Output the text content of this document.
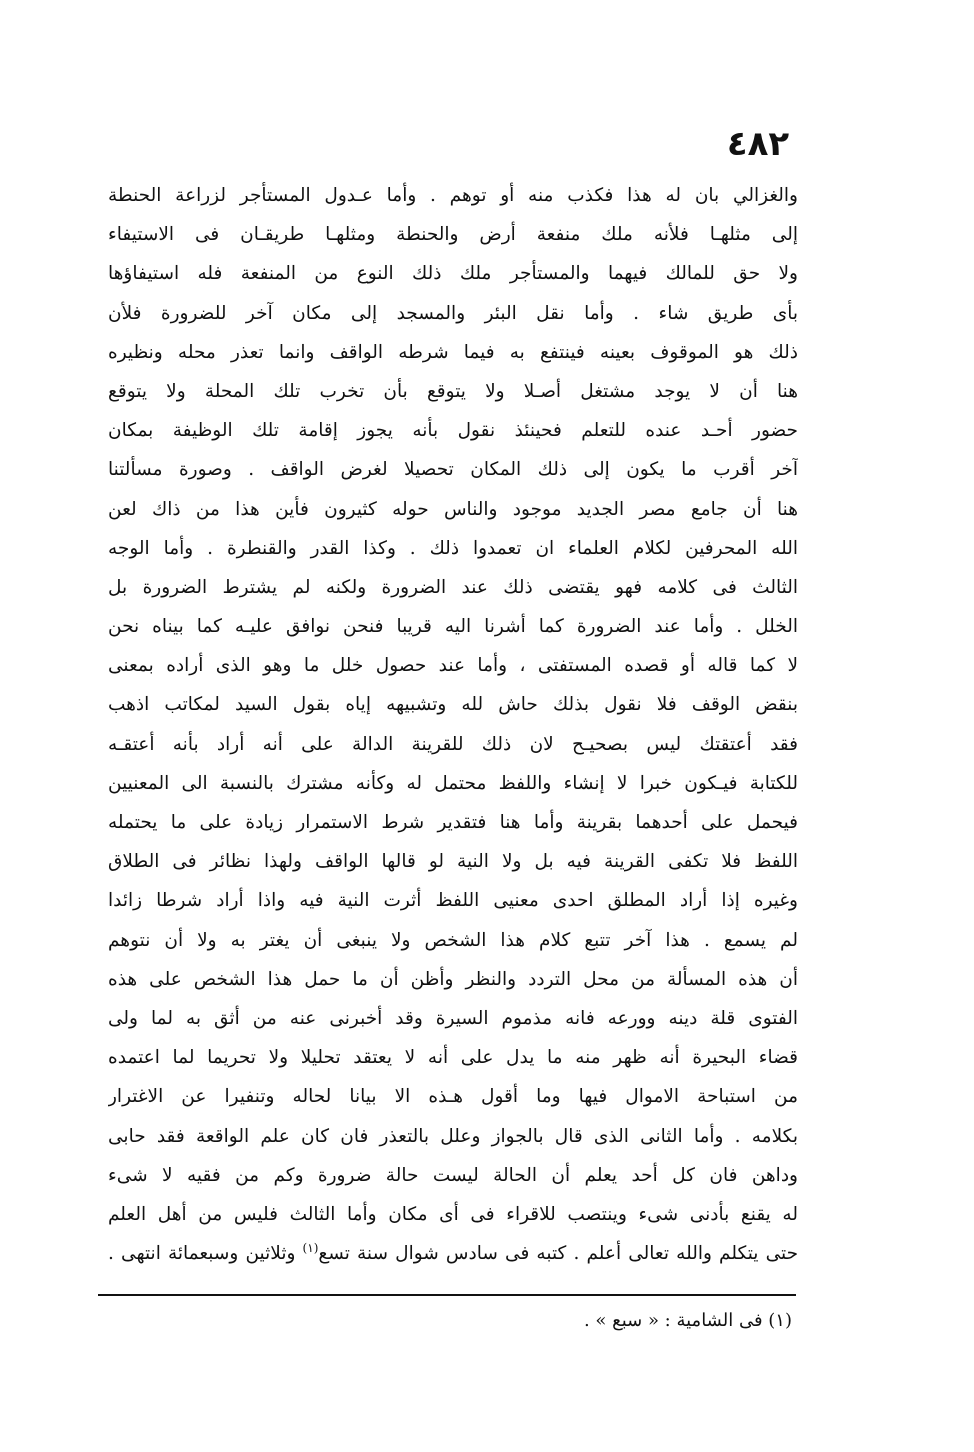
٤٨٢
والغزالي بان له هذا فكذب منه أو توهم . وأما عـدول المستأجر لزراعة الحنطة
إلى مثلهـا فلأنه ملك منفعة أرض والحنطة ومثلهـا طريقـان فى الاستيفاء
ولا حق للمالك فيهما والمستأجر ملك ذلك النوع من المنفعة فله استيفاؤها
بأى طريق شاء . وأما نقل البئر والمسجد إلى مكان آخر للضرورة فلأن
ذلك هو الموقوف بعينه فينتفع به فيما شرطه الواقف وانما تعذر محله ونظيره
هنا أن لا يوجد مشتغل أصـلا ولا يتوقع بأن تخرب تلك المحلة ولا يتوقع
حضور أحـد عنده للتعلم فحينئذ نقول بأنه يجوز إقامة تلك الوظيفة بمكان
آخر أقرب ما يكون إلى ذلك المكان تحصيلا لغرض الواقف . وصورة مسألتنا
هنا أن جامع مصر الجديد موجود والناس حوله كثيرون فأين هذا من ذاك لعن
الله المحرفين لكلام العلماء ان تعمدوا ذلك . وكذا القدر والقنطرة . وأما الوجه
الثالث فى كلامه فهو يقتضى ذلك عند الضرورة ولكنه لم يشترط الضرورة بل
الخلل . وأما عند الضرورة كما أشرنا اليه قريبا فنحن نوافق عليـه كما بيناه نحن
لا كما قاله أو قصده المستفتى ، وأما عند حصول خلل ما وهو الذى أراده بمعنى
بنقض الوقف فلا نقول بذلك حاش لله وتشبيهه إياه بقول السيد لمكاتب اذهب
فقد أعتقتك ليس بصحيـح لان ذلك للقرينة الدالة على أنه أراد بأنه أعتقـه
للكتابة فيـكون خبرا لا إنشاء واللفظ محتمل له وكأنه مشترك بالنسبة الى المعنيين
فيحمل على أحدهما بقرينة وأما هنا فتقدير شرط الاستمرار زيادة على ما يحتمله
اللفظ فلا تكفى القرينة فيه بل ولا النية لو قالها الواقف ولهذا نظائر فى الطلاق
وغيره إذا أراد المطلق احدى معنيى اللفظ أثرت النية فيه واذا أراد شرطا زائدا
لم يسمع . هذا آخر تتبع كلام هذا الشخص ولا ينبغى أن يغتر به ولا أن نتوهم
أن هذه المسألة من محل التردد والنظر وأظن أن ما حمل هذا الشخص على هذه
الفتوى قلة دينه وورعه فانه مذموم السيرة وقد أخبرنى عنه من أثق به لما ولى
قضاء البحيرة أنه ظهر منه ما يدل على أنه لا يعتقد تحليلا ولا تحريما لما اعتمده
من استباحة الاموال فيها وما أقول هـذه الا بيانا لحاله وتنفيرا عن الاغترار
بكلامه . وأما الثانى الذى قال بالجواز وعلل بالتعذر فان كان علم الواقعة فقد حابى
وداهن فان كل أحد يعلم أن الحالة ليست حالة ضرورة وكم من فقيه لا شىء
له يقنع بأدنى شىء وينتصب للاقراء فى أى مكان وأما الثالث فليس من أهل العلم
حتى يتكلم والله تعالى أعلم . كتبه فى سادس شوال سنة تسع$^{(١)}$ وثلاثين وسبعمائة انتهى .
(١) فى الشامية : « سبع » .
